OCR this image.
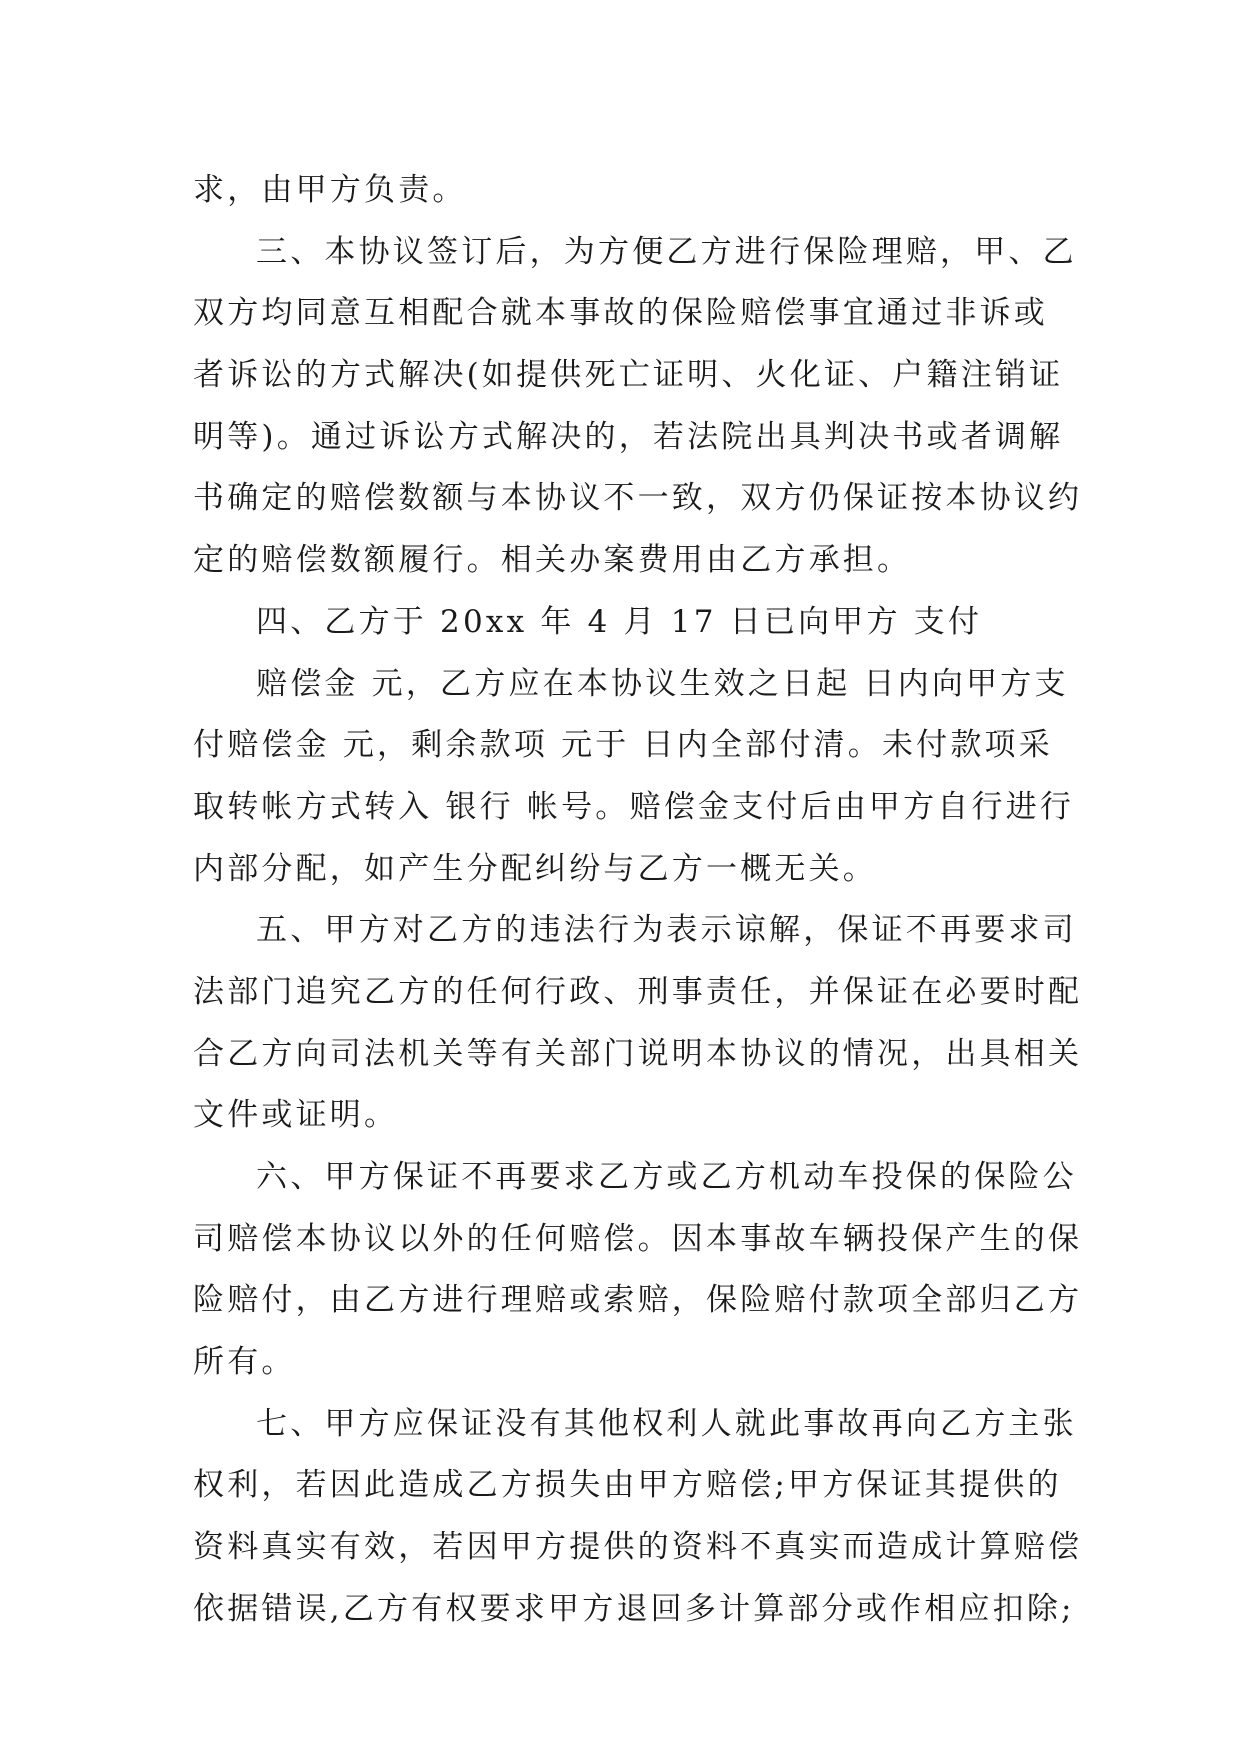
求，由甲方负责。
三、本协议签订后，为方便乙方进行保险理赔，甲、乙
双方均同意互相配合就本事故的保险赔偿事宜通过非诉或
者诉讼的方式解决(如提供死亡证明、火化证、户籍注销证
明等)。通过诉讼方式解决的，若法院出具判决书或者调解
书确定的赔偿数额与本协议不一致，双方仍保证按本协议约
定的赔偿数额履行。相关办案费用由乙方承担。
四、乙方于 20xx 年 4 月 17 日已向甲方 支付
赔偿金 元，乙方应在本协议生效之日起 日内向甲方支
付赔偿金 元，剩余款项 元于 日内全部付清。未付款项采
取转帐方式转入 银行 帐号。赔偿金支付后由甲方自行进行
内部分配，如产生分配纠纷与乙方一概无关。
五、甲方对乙方的违法行为表示谅解，保证不再要求司
法部门追究乙方的任何行政、刑事责任，并保证在必要时配
合乙方向司法机关等有关部门说明本协议的情况，出具相关
文件或证明。
六、甲方保证不再要求乙方或乙方机动车投保的保险公
司赔偿本协议以外的任何赔偿。因本事故车辆投保产生的保
险赔付，由乙方进行理赔或索赔，保险赔付款项全部归乙方
所有。
七、甲方应保证没有其他权利人就此事故再向乙方主张
权利，若因此造成乙方损失由甲方赔偿;甲方保证其提供的
资料真实有效，若因甲方提供的资料不真实而造成计算赔偿
依据错误,乙方有权要求甲方退回多计算部分或作相应扣除;
